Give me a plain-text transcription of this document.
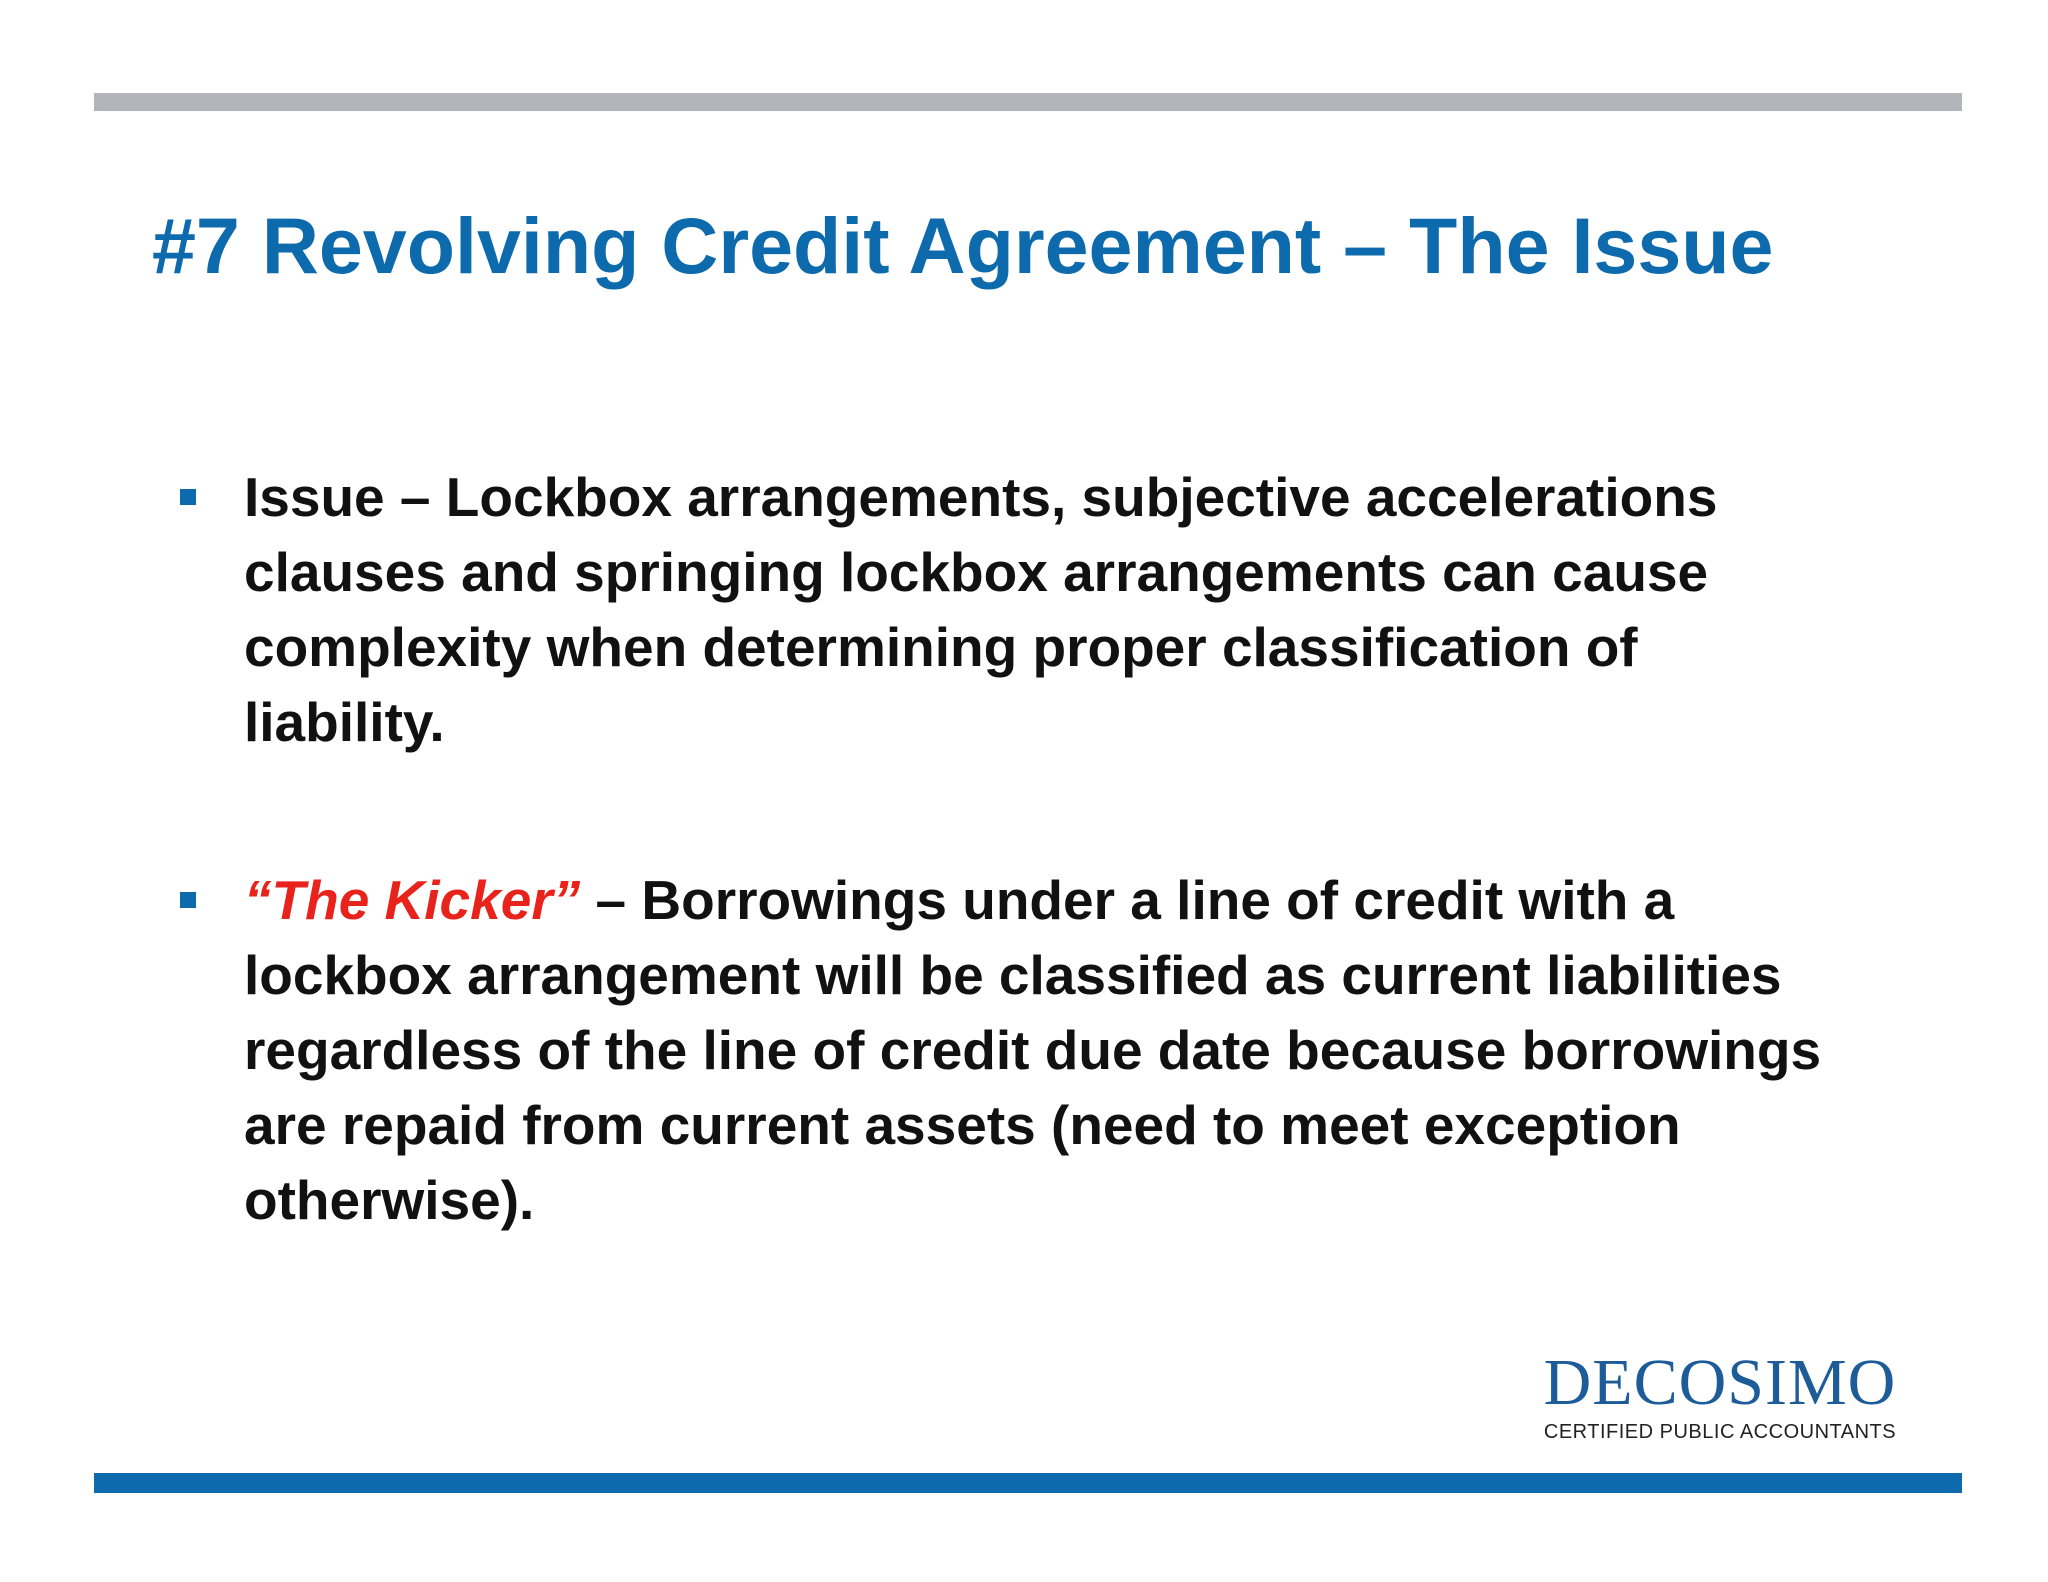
#7 Revolving Credit Agreement – The Issue
Issue – Lockbox arrangements, subjective accelerations clauses and springing lockbox arrangements can cause complexity when determining proper classification of liability.
“The Kicker” – Borrowings under a line of credit with a lockbox arrangement will be classified as current liabilities regardless of the line of credit due date because borrowings are repaid from current assets (need to meet exception otherwise).
DECOSIMO
CERTIFIED PUBLIC ACCOUNTANTS
